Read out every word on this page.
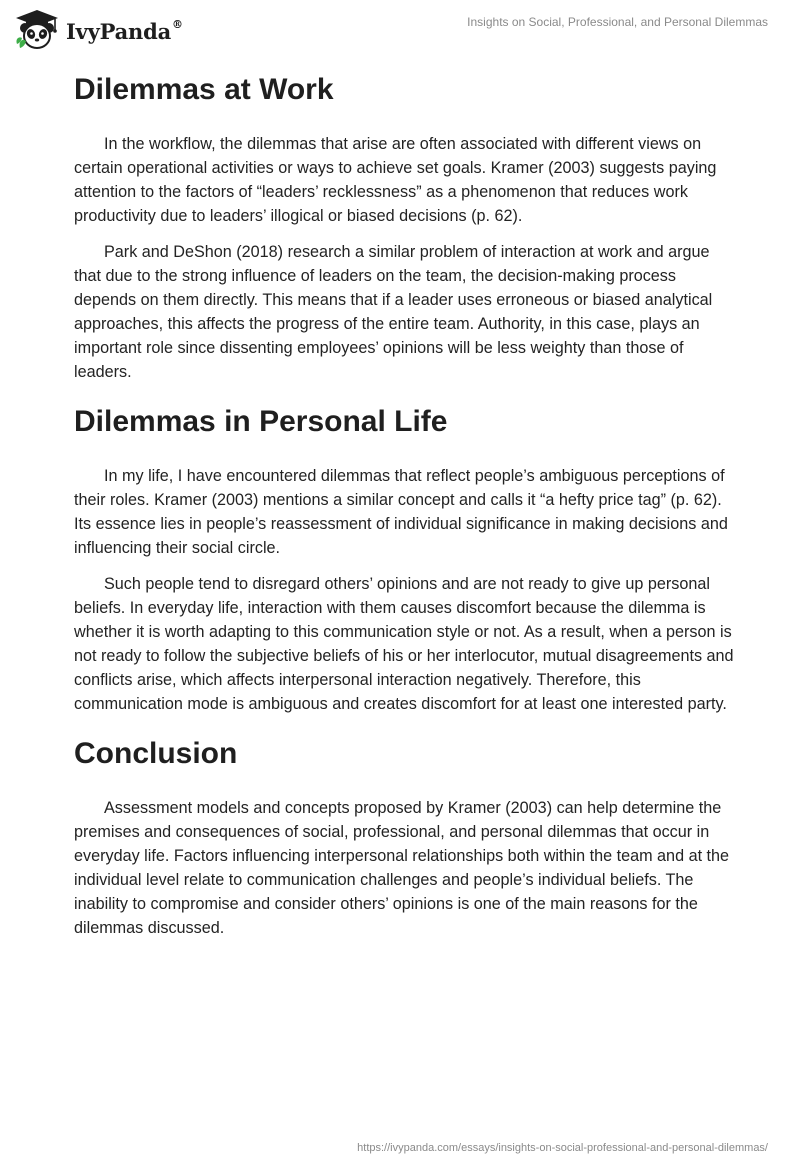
IvyPanda®	Insights on Social, Professional, and Personal Dilemmas
Dilemmas at Work

In the workflow, the dilemmas that arise are often associated with different views on certain operational activities or ways to achieve set goals. Kramer (2003) suggests paying attention to the factors of “leaders’ recklessness” as a phenomenon that reduces work productivity due to leaders’ illogical or biased decisions (p. 62).

Park and DeShon (2018) research a similar problem of interaction at work and argue that due to the strong influence of leaders on the team, the decision-making process depends on them directly. This means that if a leader uses erroneous or biased analytical approaches, this affects the progress of the entire team. Authority, in this case, plays an important role since dissenting employees’ opinions will be less weighty than those of leaders.

Dilemmas in Personal Life

In my life, I have encountered dilemmas that reflect people’s ambiguous perceptions of their roles. Kramer (2003) mentions a similar concept and calls it “a hefty price tag” (p. 62). Its essence lies in people’s reassessment of individual significance in making decisions and influencing their social circle.

Such people tend to disregard others’ opinions and are not ready to give up personal beliefs. In everyday life, interaction with them causes discomfort because the dilemma is whether it is worth adapting to this communication style or not. As a result, when a person is not ready to follow the subjective beliefs of his or her interlocutor, mutual disagreements and conflicts arise, which affects interpersonal interaction negatively. Therefore, this communication mode is ambiguous and creates discomfort for at least one interested party.

Conclusion

Assessment models and concepts proposed by Kramer (2003) can help determine the premises and consequences of social, professional, and personal dilemmas that occur in everyday life. Factors influencing interpersonal relationships both within the team and at the individual level relate to communication challenges and people’s individual beliefs. The inability to compromise and consider others’ opinions is one of the main reasons for the dilemmas discussed.

https://ivypanda.com/essays/insights-on-social-professional-and-personal-dilemmas/
